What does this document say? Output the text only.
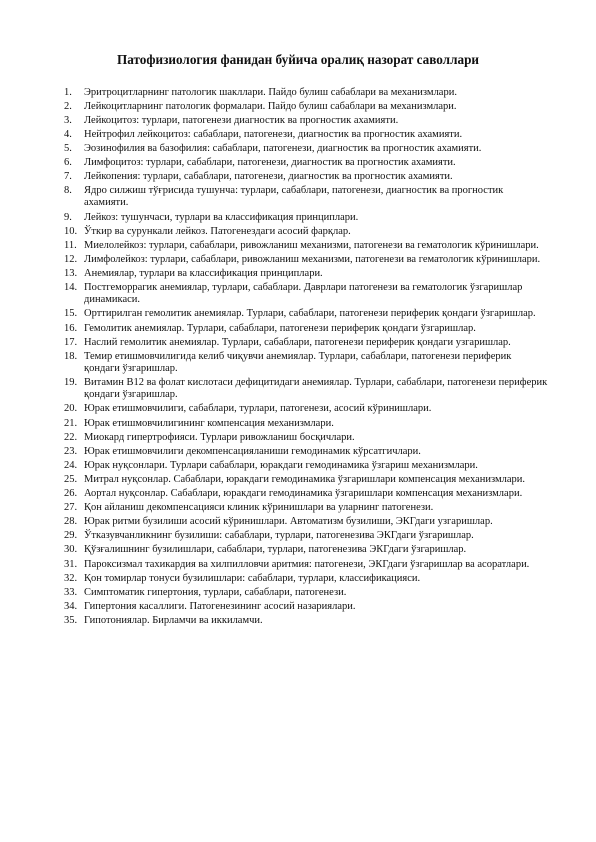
Патофизиология фанидан буйича оралиқ назорат саволлари
1.	Эритроцитларнинг патологик шакллари. Пайдо булиш сабаблари ва механизмлари.
2.	Лейкоцитларнинг патологик формалари. Пайдо булиш сабаблари ва механизмлари.
3.	Лейкоцитоз: турлари, патогенези диагностик ва прогностик ахамияти.
4.	Нейтрофил лейкоцитоз: сабаблари, патогенези, диагностик ва прогностик ахамияти.
5.	Эозинофилия ва базофилия: сабаблари, патогенези, диагностик ва прогностик ахамияти.
6.	Лимфоцитоз: турлари, сабаблари, патогенези, диагностик ва прогностик ахамияти.
7.	Лейкопения: турлари, сабаблари, патогенези, диагностик ва прогностик ахамияти.
8.	Ядро силжиш тўғрисида тушунча: турлари, сабаблари, патогенези, диагностик ва прогностик ахамияти.
9.	Лейкоз: тушунчаси, турлари ва классификация принциплари.
10. Ўткир ва сурункали лейкоз. Патогенездаги асосий фарқлар.
11. Миелолейкоз: турлари, сабаблари, ривожланиш механизми, патогенези ва гематологик кўринишлари.
12. Лимфолейкоз: турлари, сабаблари, ривожланиш механизми, патогенези ва гематологик кўринишлари.
13. Анемиялар, турлари ва классификация принциплари.
14. Постгеморрагик анемиялар, турлари, сабаблари. Даврлари патогенези ва гематологик ўзгаришлар динамикаси.
15. Орттирилган гемолитик анемиялар. Турлари, сабаблари, патогенези периферик қондаги ўзгаришлар.
16. Гемолитик анемиялар. Турлари, сабаблари, патогенези периферик қондаги ўзгаришлар.
17. Наслий гемолитик анемиялар. Турлари, сабаблари, патогенези периферик қондаги узгаришлар.
18. Темир етишмовчилигида келиб чиқувчи анемиялар. Турлари, сабаблари, патогенези периферик қондаги ўзгаришлар.
19. Витамин В12 ва фолат кислотаси дефицитидаги анемиялар. Турлари, сабаблари, патогенези периферик қондаги ўзгаришлар.
20. Юрак етишмовчилиги, сабаблари, турлари, патогенези, асосий кўринишлари.
21. Юрак етишмовчилигининг компенсация механизмлари.
22. Миокард гипертрофияси. Турлари ривожланиш босқичлари.
23. Юрак етишмовчилиги декомпенсацияланиши гемодинамик кўрсатгичлари.
24. Юрак нуқсонлари. Турлари сабаблари, юракдаги гемодинамика ўзгариш механизмлари.
25. Митрал нуқсонлар. Сабаблари, юракдаги гемодинамика ўзгаришлари компенсация механизмлари.
26. Аортал нуқсонлар. Сабаблари, юракдаги гемодинамика ўзгаришлари компенсация механизмлари.
27. Қон айланиш декомпенсацияси клиник кўринишлари ва уларнинг патогенези.
28. Юрак ритми бузилиши асосий кўринишлари. Автоматизм бузилиши, ЭКГдаги узгаришлар.
29. Ўтказувчанликнинг бузилиши: сабаблари, турлари, патогенезива ЭКГдаги ўзгаришлар.
30. Қўзғалишнинг бузилишлари, сабаблари, турлари, патогенезива ЭКГдаги ўзгаришлар.
31. Пароксизмал тахикардия ва хилпилловчи аритмия: патогенези, ЭКГдаги ўзгаришлар ва асоратлари.
32. Қон томирлар тонуси бузилишлари: сабаблари, турлари, классификацияси.
33. Симптоматик гипертония, турлари, сабаблари, патогенези.
34. Гипертония касаллиги. Патогенезининг асосий назариялари.
35. Гипотониялар. Бирламчи ва иккиламчи.
